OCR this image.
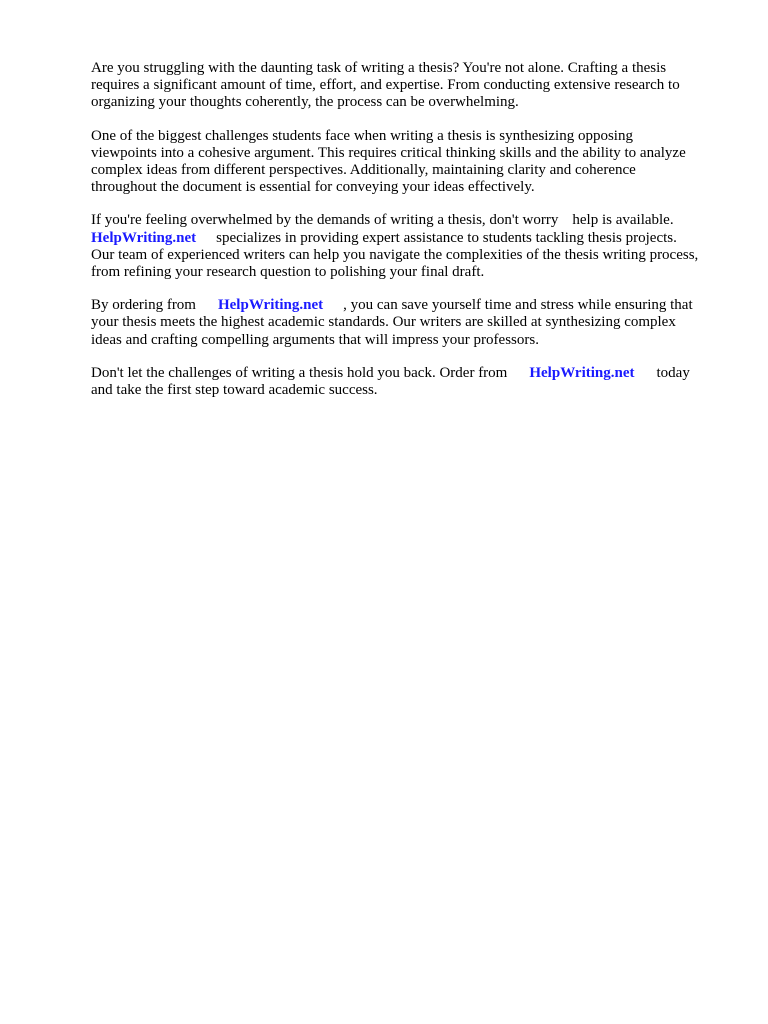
Are you struggling with the daunting task of writing a thesis? You're not alone. Crafting a thesis
requires a significant amount of time, effort, and expertise. From conducting extensive research to
organizing your thoughts coherently, the process can be overwhelming.

One of the biggest challenges students face when writing a thesis is synthesizing opposing
viewpoints into a cohesive argument. This requires critical thinking skills and the ability to analyze
complex ideas from different perspectives. Additionally, maintaining clarity and coherence
throughout the document is essential for conveying your ideas effectively.

If you're feeling overwhelmed by the demands of writing a thesis, don't worry help is available.
HelpWriting.net specializes in providing expert assistance to students tackling thesis projects.
Our team of experienced writers can help you navigate the complexities of the thesis writing process,
from refining your research question to polishing your final draft.

By ordering from HelpWriting.net , you can save yourself time and stress while ensuring that
your thesis meets the highest academic standards. Our writers are skilled at synthesizing complex
ideas and crafting compelling arguments that will impress your professors.

Don't let the challenges of writing a thesis hold you back. Order from HelpWriting.net today
and take the first step toward academic success.
